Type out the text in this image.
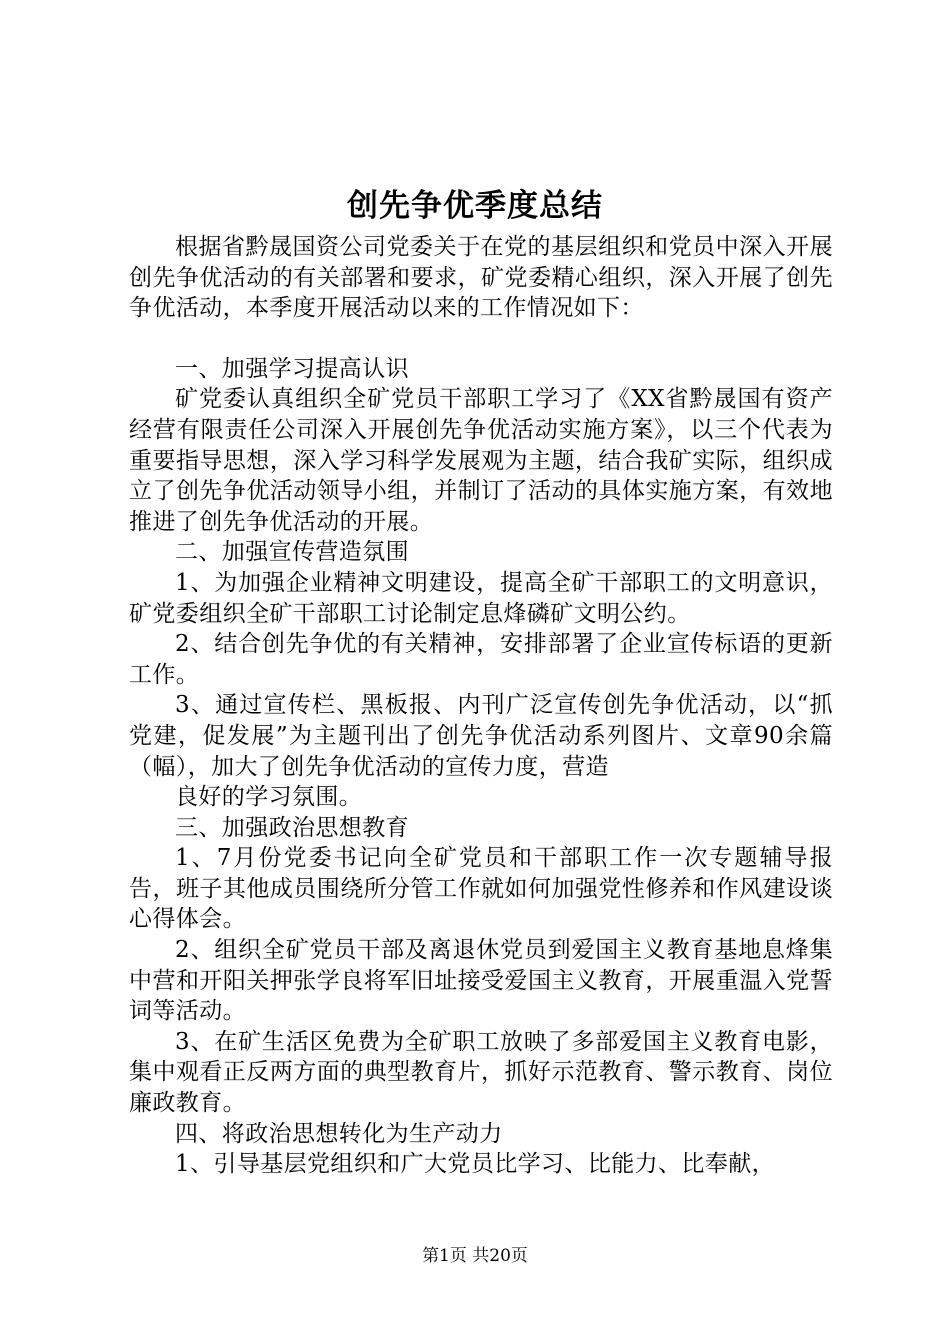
创先争优季度总结

根据省黔晟国资公司党委关于在党的基层组织和党员中深入开展创先争优活动的有关部署和要求，矿党委精心组织，深入开展了创先争优活动，本季度开展活动以来的工作情况如下：

一、加强学习提高认识

矿党委认真组织全矿党员干部职工学习了《XX省黔晟国有资产经营有限责任公司深入开展创先争优活动实施方案》，以三个代表为重要指导思想，深入学习科学发展观为主题，结合我矿实际，组织成立了创先争优活动领导小组，并制订了活动的具体实施方案，有效地推进了创先争优活动的开展。

二、加强宣传营造氛围

1、为加强企业精神文明建设，提高全矿干部职工的文明意识，矿党委组织全矿干部职工讨论制定息烽磷矿文明公约。

2、结合创先争优的有关精神，安排部署了企业宣传标语的更新工作。

3、通过宣传栏、黑板报、内刊广泛宣传创先争优活动，以“抓党建，促发展”为主题刊出了创先争优活动系列图片、文章90余篇（幅），加大了创先争优活动的宣传力度，营造

良好的学习氛围。

三、加强政治思想教育

1、7月份党委书记向全矿党员和干部职工作一次专题辅导报告，班子其他成员围绕所分管工作就如何加强党性修养和作风建设谈心得体会。

2、组织全矿党员干部及离退休党员到爱国主义教育基地息烽集中营和开阳关押张学良将军旧址接受爱国主义教育，开展重温入党誓词等活动。

3、在矿生活区免费为全矿职工放映了多部爱国主义教育电影，集中观看正反两方面的典型教育片，抓好示范教育、警示教育、岗位廉政教育。

四、将政治思想转化为生产动力

1、引导基层党组织和广大党员比学习、比能力、比奉献，

第1页 共20页
